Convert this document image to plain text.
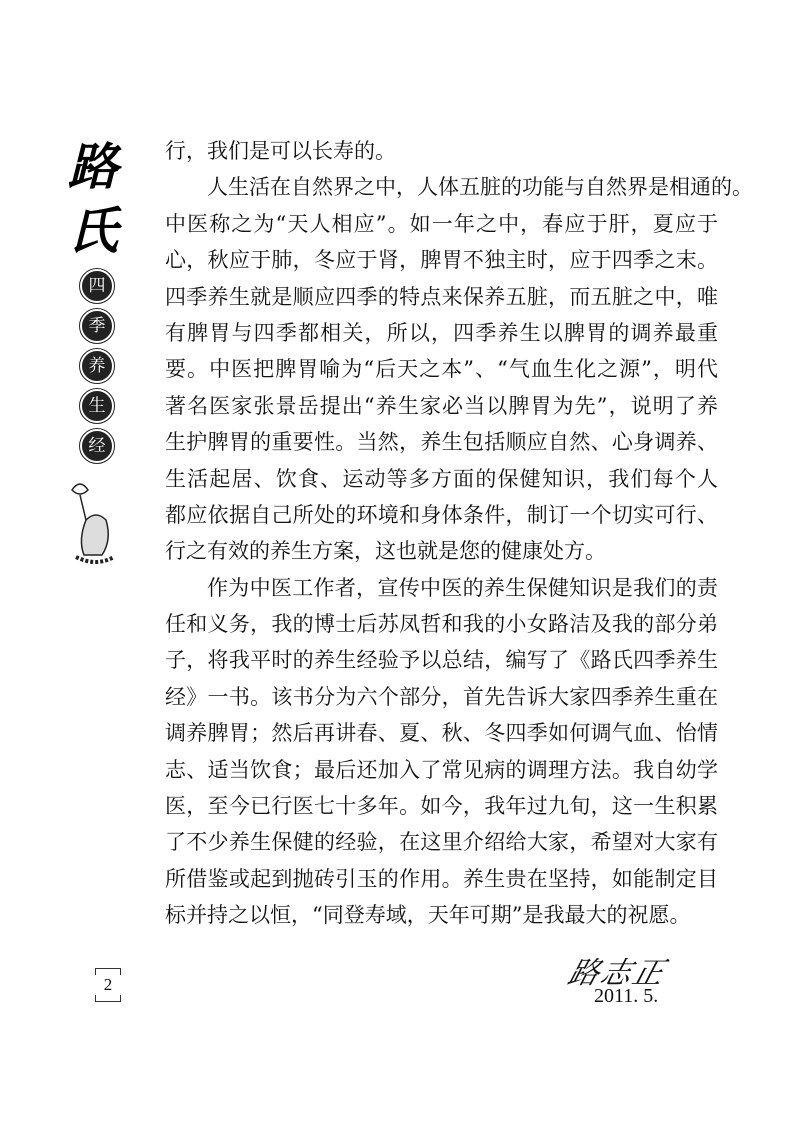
路
氏
四
季
养
生
经
行，我们是可以长寿的。
人生活在自然界之中，人体五脏的功能与自然界是相通的。
中医称之为“天人相应”。如一年之中，春应于肝，夏应于
心，秋应于肺，冬应于肾，脾胃不独主时，应于四季之末。
四季养生就是顺应四季的特点来保养五脏，而五脏之中，唯
有脾胃与四季都相关，所以，四季养生以脾胃的调养最重
要。中医把脾胃喻为“后天之本”、“气血生化之源”，明代
著名医家张景岳提出“养生家必当以脾胃为先”，说明了养
生护脾胃的重要性。当然，养生包括顺应自然、心身调养、
生活起居、饮食、运动等多方面的保健知识，我们每个人
都应依据自己所处的环境和身体条件，制订一个切实可行、
行之有效的养生方案，这也就是您的健康处方。
作为中医工作者，宣传中医的养生保健知识是我们的责
任和义务，我的博士后苏凤哲和我的小女路洁及我的部分弟
子，将我平时的养生经验予以总结，编写了《路氏四季养生
经》一书。该书分为六个部分，首先告诉大家四季养生重在
调养脾胃；然后再讲春、夏、秋、冬四季如何调气血、怡情
志、适当饮食；最后还加入了常见病的调理方法。我自幼学
医，至今已行医七十多年。如今，我年过九旬，这一生积累
了不少养生保健的经验，在这里介绍给大家，希望对大家有
所借鉴或起到抛砖引玉的作用。养生贵在坚持，如能制定目
标并持之以恒，“同登寿域，天年可期”是我最大的祝愿。
2	路志正
2011. 5.
